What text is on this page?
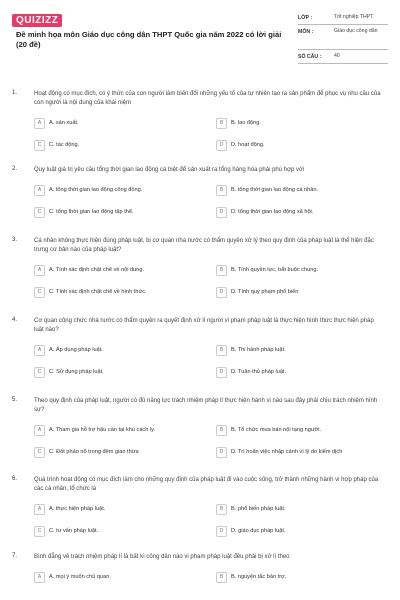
QUIZIZZ
Đề minh họa môn Giáo dục công dân THPT Quốc gia năm 2022 có lời giải (20 đề)
LỚP :	Tốt nghiệp THPT
MÔN :	Giáo dục công dân
SỐ CÂU :	40
1.	Hoạt động có mục đích, có ý thức của con người làm biến đổi những yếu tố của tự nhiên tạo ra sản phẩm để phục vụ nhu cầu của con người là nội dung của khái niệm
A	A. sản xuất.	B	B. lao động.
C	C. tác động.	D	D. hoạt động.
2.	Quy luật giá trị yêu cầu tổng thời gian lao động cá biệt để sản xuất ra tổng hàng hóa phải phù hợp với
A	A. tổng thời gian lao động công đồng.	B	B. tổng thời gian lao động cá nhân.
C	C. tổng thời gian lao động tập thể.	D	D. tổng thời gian lao động xã hội.
3.	Cá nhân không thực hiện đúng pháp luật, bị cơ quan nhà nước có thẩm quyền xử lý theo quy định của pháp luật là thể hiện đặc trưng cơ bản nào của pháp luật?
A	A. Tính xác định chặt chẽ về nội dung.	B	B. Tính quyền lực, bắt buộc chung.
C	C. Tính xác định chặt chẽ về hình thức.	D	D. Tính quy phạm phổ biến
4.	Cơ quan công chức nhà nước có thẩm quyền ra quyết định xử lí người vi phạm pháp luật là thực hiện hình thức thực hiện pháp luật nào?
A	A. Áp dụng pháp luật.	B	B. Thi hành pháp luật.
C	C. Sử dụng pháp luật.	D	D. Tuân thủ pháp luật.
5.	Theo quy định của pháp luật, người có đủ năng lực trách nhiệm pháp lí thực hiện hành vi nào sau đây phải chịu trách nhiệm hình sự?
A	A. Tham gia hỗ trợ hậu cần tại khu cách ly.	B	B. Tổ chức mua bán nội tạng người.
C	C. Đốt pháo nổ trong đêm giao thừa	D	D. Trì hoãn việc nhập cảnh vì lý do kiểm dịch
6.	Quá trình hoạt động có mục đích làm cho những quy định của pháp luật đi vào cuộc sống, trở thành những hành vi hợp pháp của các cá nhân, tổ chức là
A	A. thực hiện pháp luật.	B	B. phổ biến pháp luật.
C	C. tư vấn pháp luật.	D	D. giáo dục pháp luật.
7.	Bình đẳng về trách nhiệm pháp lí là bất kì công dân nào vi phạm pháp luật đều phải bị xử lí theo
A	A. mọi ý muốn chủ quan.	B	B. nguyện tắc bảo trợ.
